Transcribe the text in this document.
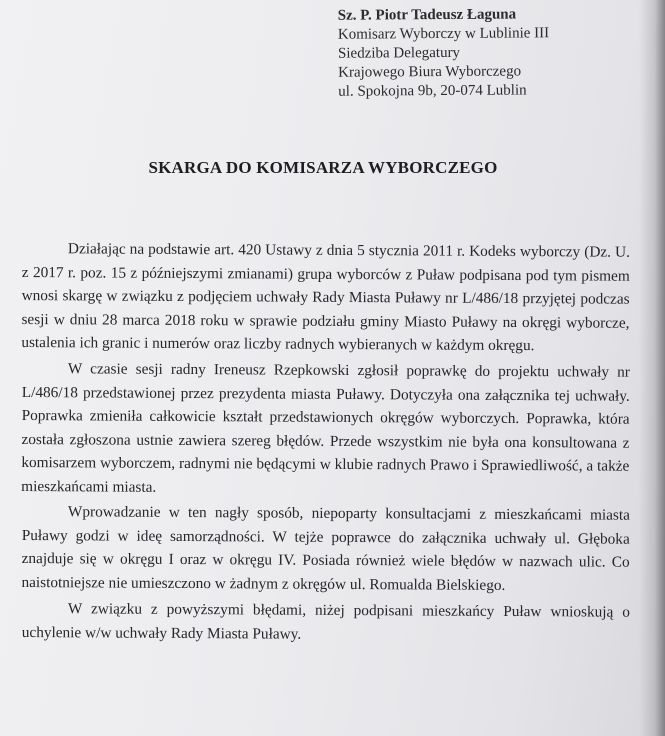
Sz. P. Piotr Tadeusz Łaguna
Komisarz Wyborczy w Lublinie III
Siedziba Delegatury
Krajowego Biura Wyborczego
ul. Spokojna 9b, 20-074 Lublin
SKARGA DO KOMISARZA WYBORCZEGO

Działając na podstawie art. 420 Ustawy z dnia 5 stycznia 2011 r. Kodeks wyborczy (Dz. U. z 2017 r. poz. 15 z późniejszymi zmianami) grupa wyborców z Puław podpisana pod tym pismem wnosi skargę w związku z podjęciem uchwały Rady Miasta Puławy nr L/486/18 przyjętej podczas sesji w dniu 28 marca 2018 roku w sprawie podziału gminy Miasto Puławy na okręgi wyborcze, ustalenia ich granic i numerów oraz liczby radnych wybieranych w każdym okręgu.

W czasie sesji radny Ireneusz Rzepkowski zgłosił poprawkę do projektu uchwały nr L/486/18 przedstawionej przez prezydenta miasta Puławy. Dotyczyła ona załącznika tej uchwały. Poprawka zmieniła całkowicie kształt przedstawionych okręgów wyborczych. Poprawka, która została zgłoszona ustnie zawiera szereg błędów. Przede wszystkim nie była ona konsultowana z komisarzem wyborczem, radnymi nie będącymi w klubie radnych Prawo i Sprawiedliwość, a także mieszkańcami miasta.

Wprowadzanie w ten nagły sposób, niepoparty konsultacjami z mieszkańcami miasta Puławy godzi w ideę samorządności. W tejże poprawce do załącznika uchwały ul. Głęboka znajduje się w okręgu I oraz w okręgu IV. Posiada również wiele błędów w nazwach ulic. Co naistotniejsze nie umieszczono w żadnym z okręgów ul. Romualda Bielskiego.

W związku z powyższymi błędami, niżej podpisani mieszkańcy Puław wnioskują o uchylenie w/w uchwały Rady Miasta Puławy.
